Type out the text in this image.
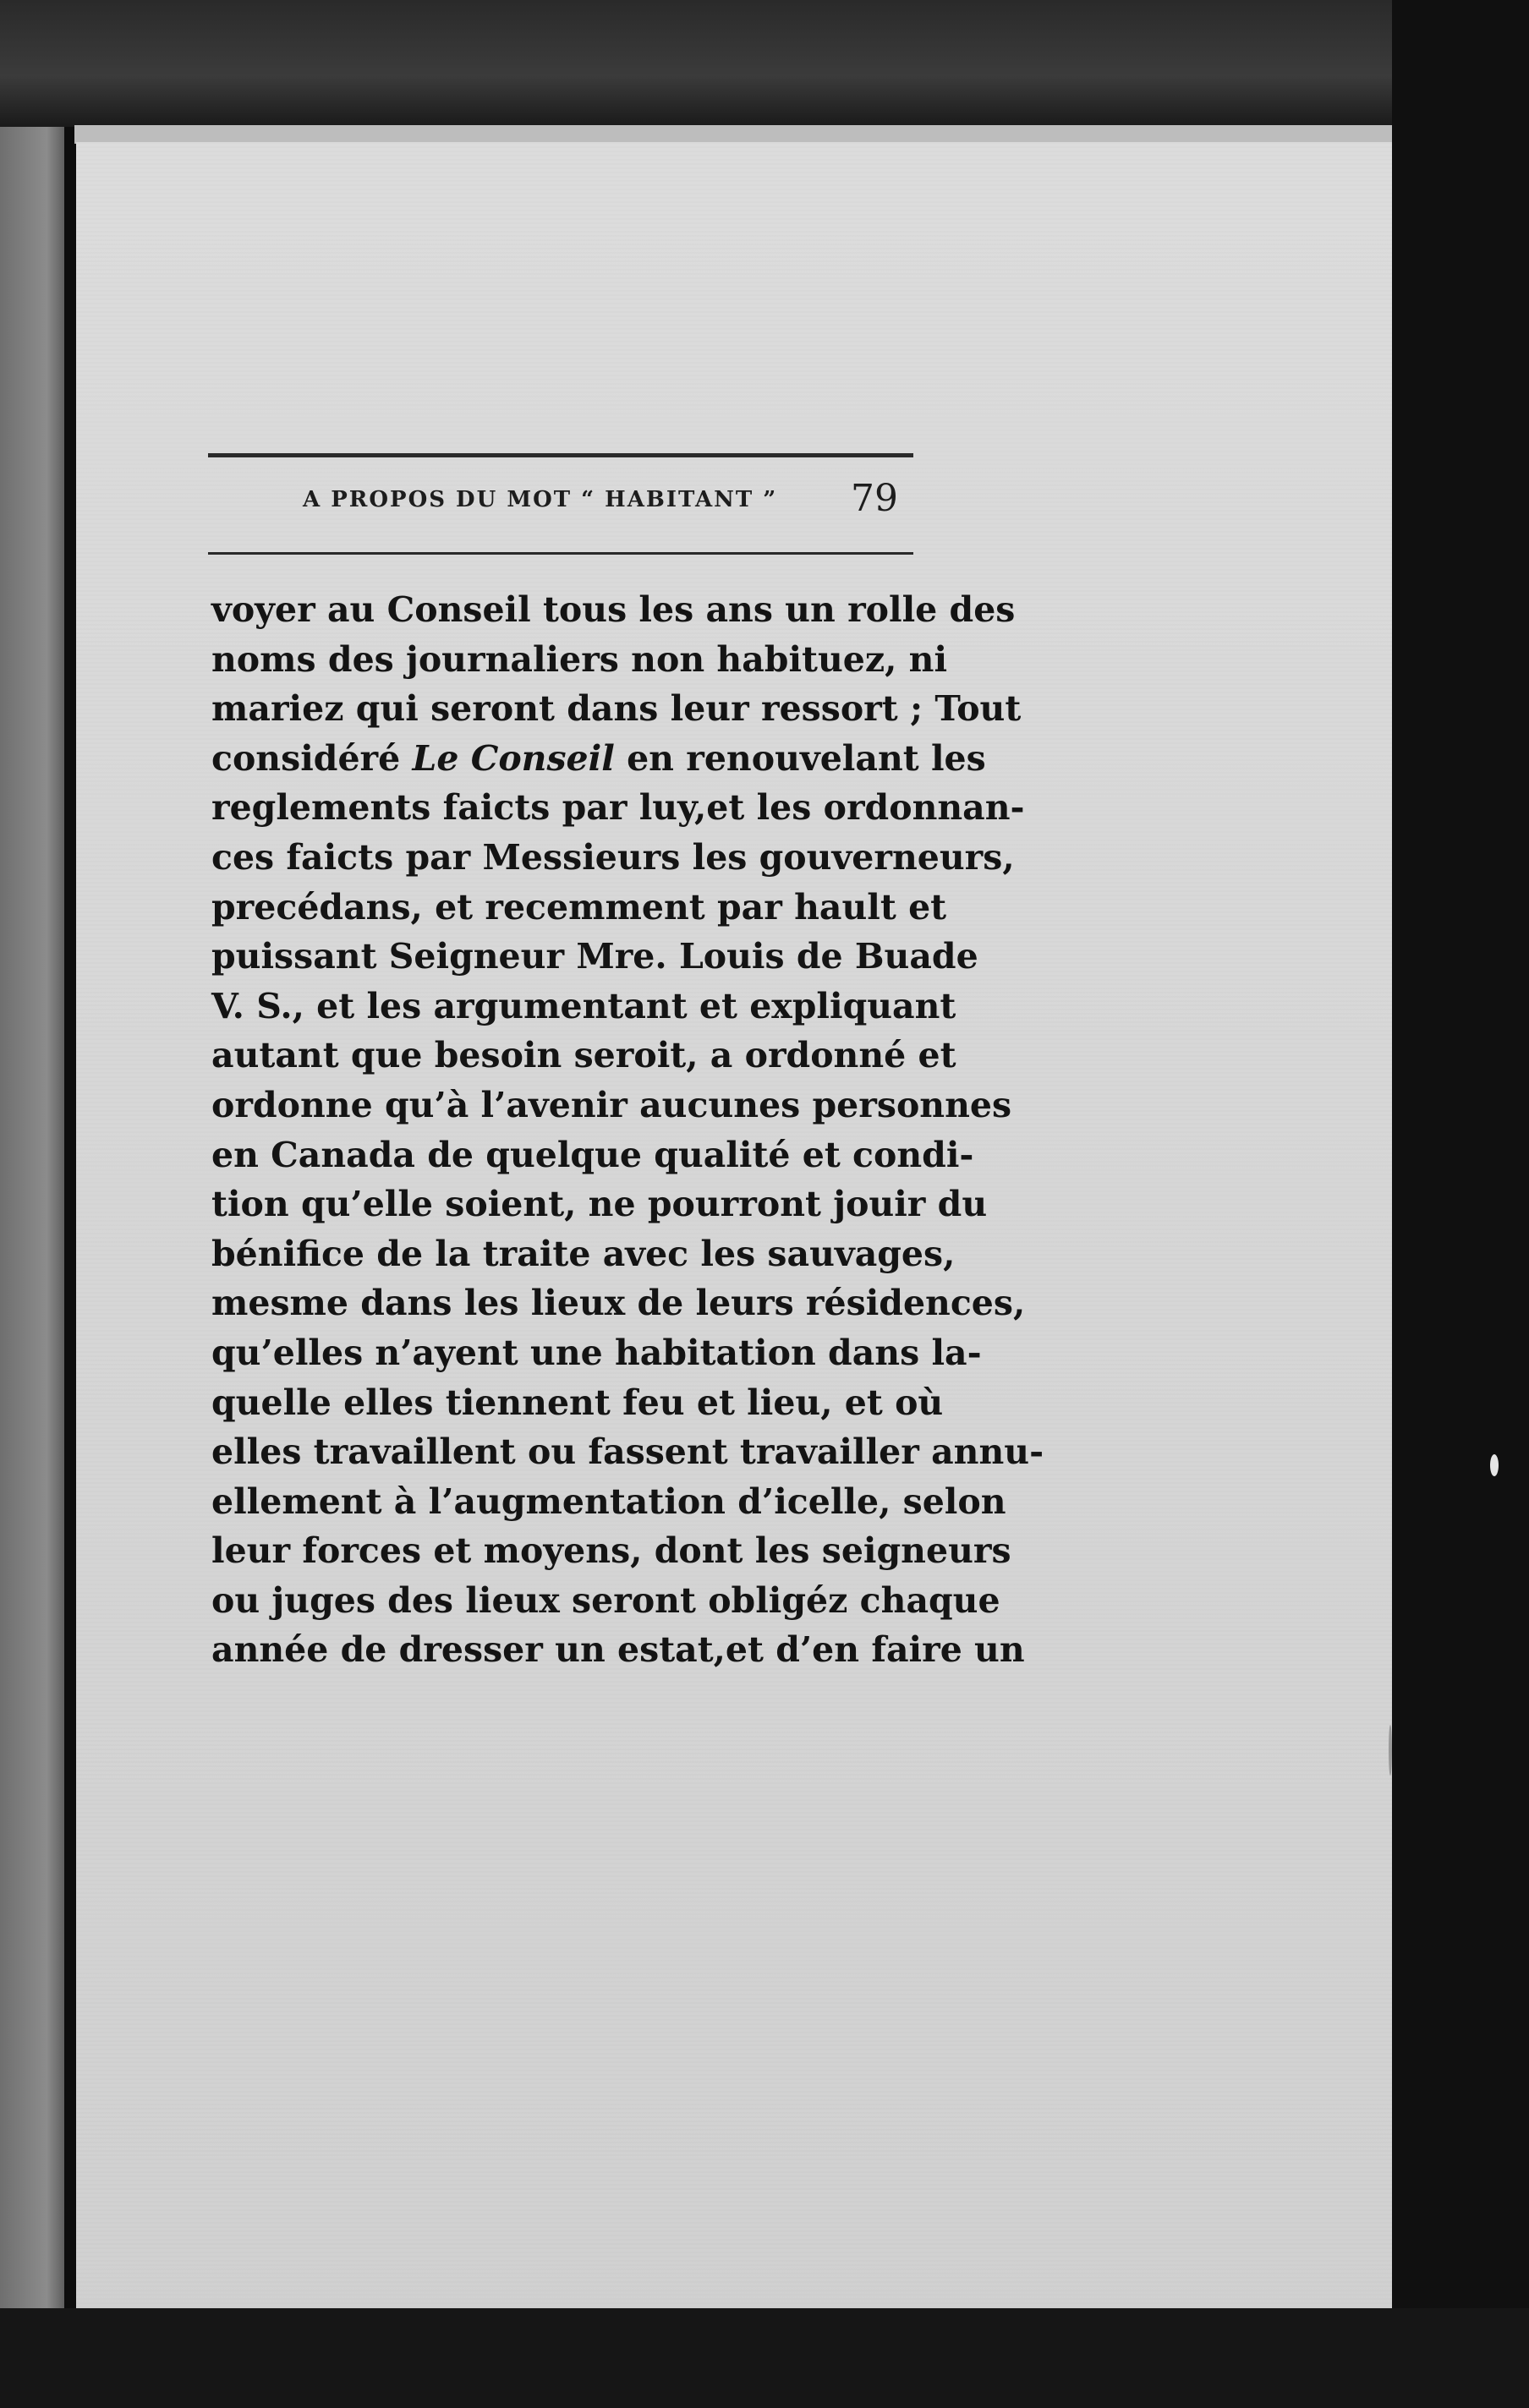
A PROPOS DU MOT “ HABITANT ” 79
voyer au Conseil tous les ans un rolle des
noms des journaliers non habituez, ni
mariez qui seront dans leur ressort ; Tout
considéré Le Conseil en renouvelant les
reglements faicts par luy,et les ordonnan-
ces faicts par Messieurs les gouverneurs,
precédans, et recemment par hault et
puissant Seigneur Mre. Louis de Buade
V. S., et les argumentant et expliquant
autant que besoin seroit, a ordonné et
ordonne qu’à l’avenir aucunes personnes
en Canada de quelque qualité et condi-
tion qu’elle soient, ne pourront jouir du
bénifice de la traite avec les sauvages,
mesme dans les lieux de leurs résidences,
qu’elles n’ayent une habitation dans la-
quelle elles tiennent feu et lieu, et où
elles travaillent ou fassent travailler annu-
ellement à l’augmentation d’icelle, selon
leur forces et moyens, dont les seigneurs
ou juges des lieux seront obligéz chaque
année de dresser un estat,et d’en faire un
